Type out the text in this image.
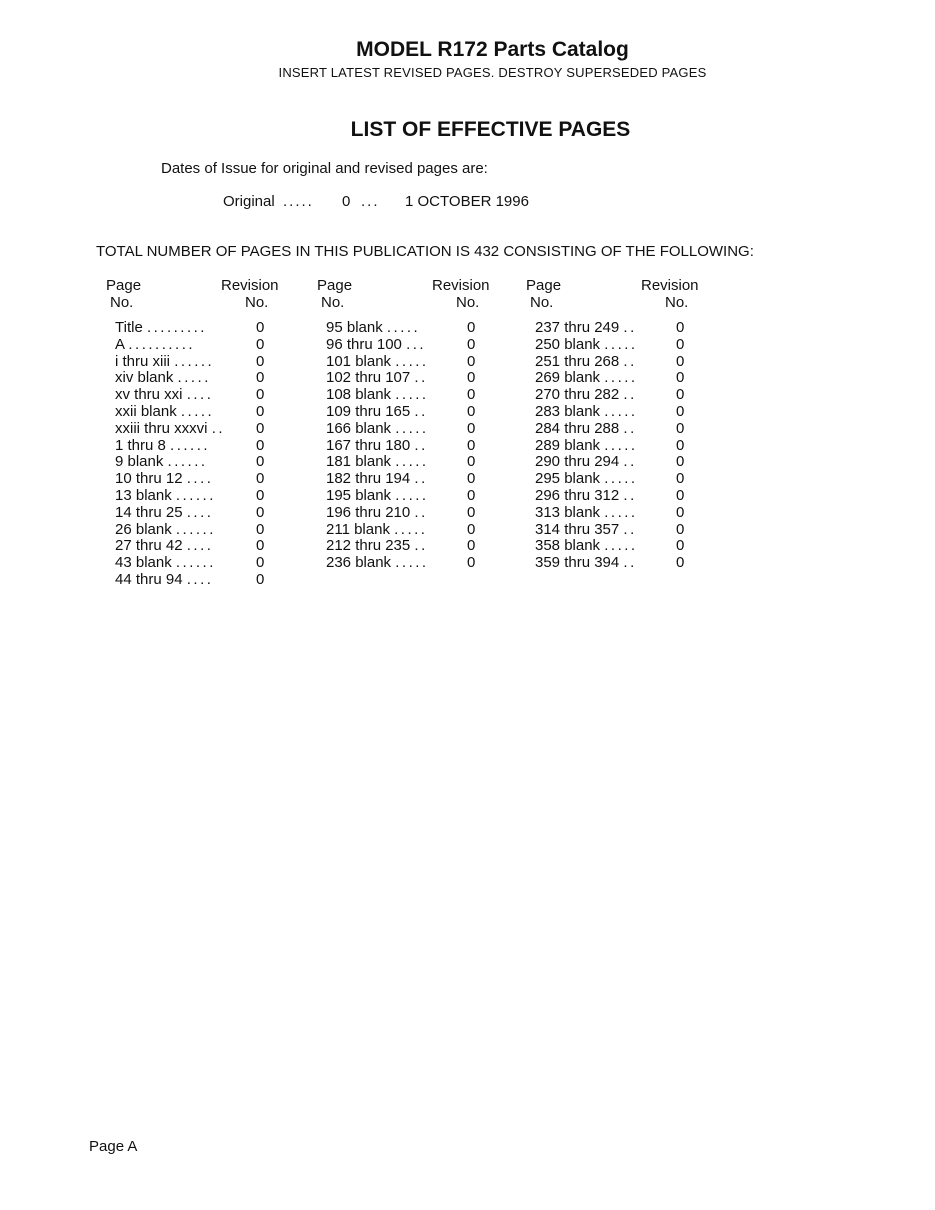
MODEL R172 Parts Catalog
INSERT LATEST REVISED PAGES. DESTROY SUPERSEDED PAGES
LIST OF EFFECTIVE PAGES
Dates of Issue for original and revised pages are:
Original ..... 0 ... 1 OCTOBER 1996
TOTAL NUMBER OF PAGES IN THIS PUBLICATION IS 432 CONSISTING OF THE FOLLOWING:
Page
No.
Revision
No.
Title .........	0
A ..........	0
i thru xiii ......	0
xiv blank .....	0
xv thru xxi ....	0
xxii blank .....	0
xxiii thru xxxvi .. 0
1 thru 8 ......	0
9 blank ......	0
10 thru 12 ....	0
13 blank ......	0
14 thru 25 ....	0
26 blank ......	0
27 thru 42 ....	0
43 blank ......	0
44 thru 94 ....	0
Page
No.
Revision
No.
95 blank .....	0
96 thru 100 ...	0
101 blank .....	0
102 thru 107 ..	0
108 blank .....	0
109 thru 165 ..	0
166 blank .....	0
167 thru 180 ..	0
181 blank .....	0
182 thru 194 ..	0
195 blank .....	0
196 thru 210 ..	0
211 blank .....	0
212 thru 235 ..	0
236 blank .....	0
Page
No.
Revision
No.
237 thru 249 ..	0
250 blank .....	0
251 thru 268 ..	0
269 blank .....	0
270 thru 282 ..	0
283 blank .....	0
284 thru 288 ..	0
289 blank .....	0
290 thru 294 ..	0
295 blank .....	0
296 thru 312 ..	0
313 blank .....	0
314 thru 357 ..	0
358 blank .....	0
359 thru 394 ..	0
Page A
